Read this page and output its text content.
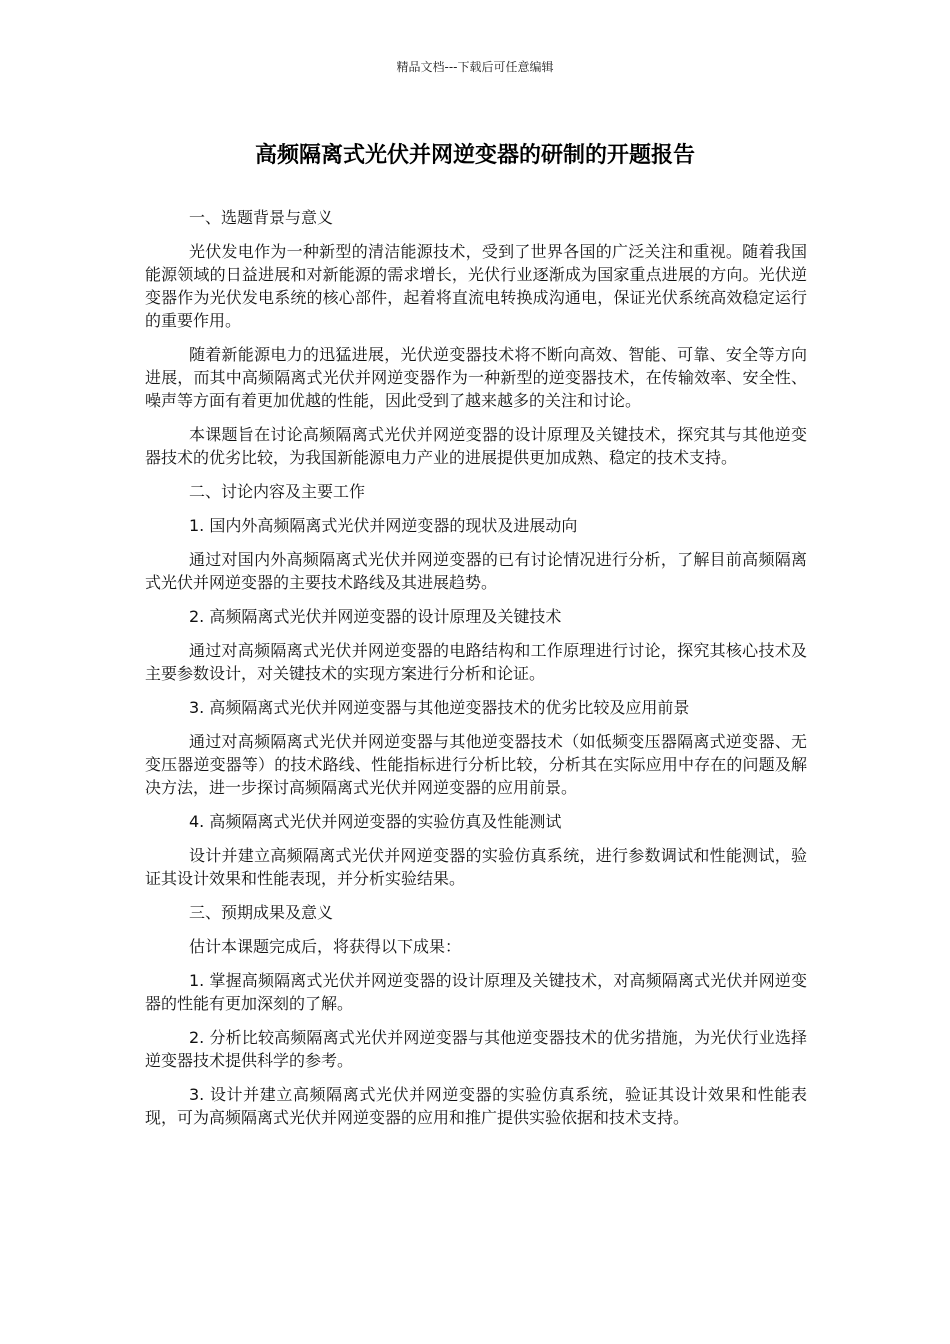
精品文档---下载后可任意编辑
高频隔离式光伏并网逆变器的研制的开题报告

一、选题背景与意义

光伏发电作为一种新型的清洁能源技术，受到了世界各国的广泛关注和重视。随着我国能源领域的日益进展和对新能源的需求增长，光伏行业逐渐成为国家重点进展的方向。光伏逆变器作为光伏发电系统的核心部件，起着将直流电转换成沟通电，保证光伏系统高效稳定运行的重要作用。

随着新能源电力的迅猛进展，光伏逆变器技术将不断向高效、智能、可靠、安全等方向进展，而其中高频隔离式光伏并网逆变器作为一种新型的逆变器技术，在传输效率、安全性、噪声等方面有着更加优越的性能，因此受到了越来越多的关注和讨论。

本课题旨在讨论高频隔离式光伏并网逆变器的设计原理及关键技术，探究其与其他逆变器技术的优劣比较，为我国新能源电力产业的进展提供更加成熟、稳定的技术支持。

二、讨论内容及主要工作

1. 国内外高频隔离式光伏并网逆变器的现状及进展动向

通过对国内外高频隔离式光伏并网逆变器的已有讨论情况进行分析，了解目前高频隔离式光伏并网逆变器的主要技术路线及其进展趋势。

2. 高频隔离式光伏并网逆变器的设计原理及关键技术

通过对高频隔离式光伏并网逆变器的电路结构和工作原理进行讨论，探究其核心技术及主要参数设计，对关键技术的实现方案进行分析和论证。

3. 高频隔离式光伏并网逆变器与其他逆变器技术的优劣比较及应用前景

通过对高频隔离式光伏并网逆变器与其他逆变器技术（如低频变压器隔离式逆变器、无变压器逆变器等）的技术路线、性能指标进行分析比较，分析其在实际应用中存在的问题及解决方法，进一步探讨高频隔离式光伏并网逆变器的应用前景。

4. 高频隔离式光伏并网逆变器的实验仿真及性能测试

设计并建立高频隔离式光伏并网逆变器的实验仿真系统，进行参数调试和性能测试，验证其设计效果和性能表现，并分析实验结果。

三、预期成果及意义

估计本课题完成后，将获得以下成果：

1. 掌握高频隔离式光伏并网逆变器的设计原理及关键技术，对高频隔离式光伏并网逆变器的性能有更加深刻的了解。

2. 分析比较高频隔离式光伏并网逆变器与其他逆变器技术的优劣措施，为光伏行业选择逆变器技术提供科学的参考。

3. 设计并建立高频隔离式光伏并网逆变器的实验仿真系统，验证其设计效果和性能表现，可为高频隔离式光伏并网逆变器的应用和推广提供实验依据和技术支持。
